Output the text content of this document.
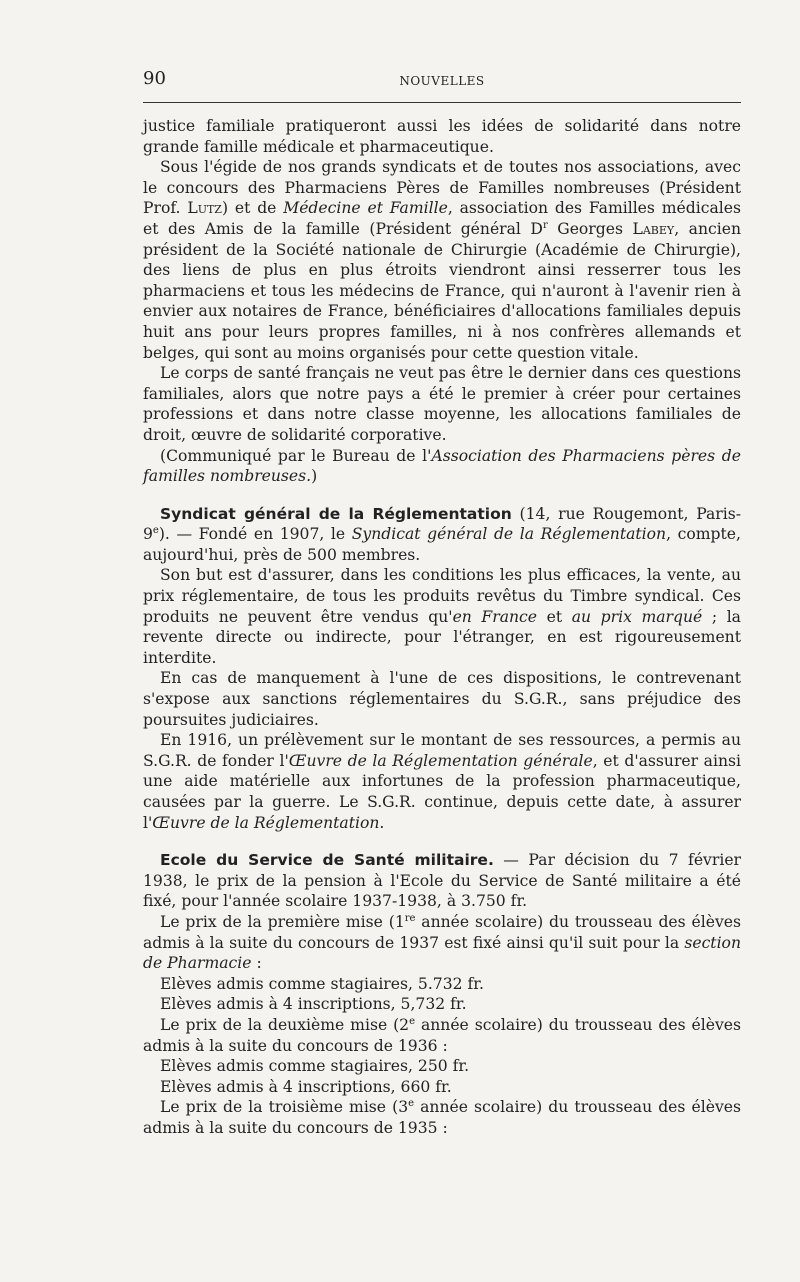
90	NOUVELLES

justice familiale pratiqueront aussi les idées de solidarité dans notre grande famille médicale et pharmaceutique.

Sous l'égide de nos grands syndicats et de toutes nos associations, avec le concours des Pharmaciens Pères de Familles nombreuses (Président Prof. Lutz) et de Médecine et Famille, association des Familles médicales et des Amis de la famille (Président général $D^r$ Georges Labey, ancien président de la Société nationale de Chirurgie (Académie de Chirurgie), des liens de plus en plus étroits viendront ainsi resserrer tous les pharmaciens et tous les médecins de France, qui n'auront à l'avenir rien à envier aux notaires de France, bénéficiaires d'allocations familiales depuis huit ans pour leurs propres familles, ni à nos confrères allemands et belges, qui sont au moins organisés pour cette question vitale.

Le corps de santé français ne veut pas être le dernier dans ces questions familiales, alors que notre pays a été le premier à créer pour certaines professions et dans notre classe moyenne, les allocations familiales de droit, œuvre de solidarité corporative.

(Communiqué par le Bureau de l'Association des Pharmaciens pères de familles nombreuses.)

Syndicat général de la Réglementation (14, rue Rougemont, Paris-9e). — Fondé en 1907, le Syndicat général de la Réglementation, compte, aujourd'hui, près de 500 membres.

Son but est d'assurer, dans les conditions les plus efficaces, la vente, au prix réglementaire, de tous les produits revêtus du Timbre syndical. Ces produits ne peuvent être vendus qu'en France et au prix marqué ; la revente directe ou indirecte, pour l'étranger, en est rigoureusement interdite.

En cas de manquement à l'une de ces dispositions, le contrevenant s'expose aux sanctions réglementaires du S.G.R., sans préjudice des poursuites judiciaires.

En 1916, un prélèvement sur le montant de ses ressources, a permis au S.G.R. de fonder l'Œuvre de la Réglementation générale, et d'assurer ainsi une aide matérielle aux infortunes de la profession pharmaceutique, causées par la guerre. Le S.G.R. continue, depuis cette date, à assurer l'Œuvre de la Réglementation.

Ecole du Service de Santé militaire. — Par décision du 7 février 1938, le prix de la pension à l'Ecole du Service de Santé militaire a été fixé, pour l'année scolaire 1937-1938, à 3.750 fr.

Le prix de la première mise (1re année scolaire) du trousseau des élèves admis à la suite du concours de 1937 est fixé ainsi qu'il suit pour la section de Pharmacie :

Elèves admis comme stagiaires, 5.732 fr.

Elèves admis à 4 inscriptions, 5,732 fr.

Le prix de la deuxième mise (2e année scolaire) du trousseau des élèves admis à la suite du concours de 1936 :

Elèves admis comme stagiaires, 250 fr.

Elèves admis à 4 inscriptions, 660 fr.

Le prix de la troisième mise (3e année scolaire) du trousseau des élèves admis à la suite du concours de 1935 :
